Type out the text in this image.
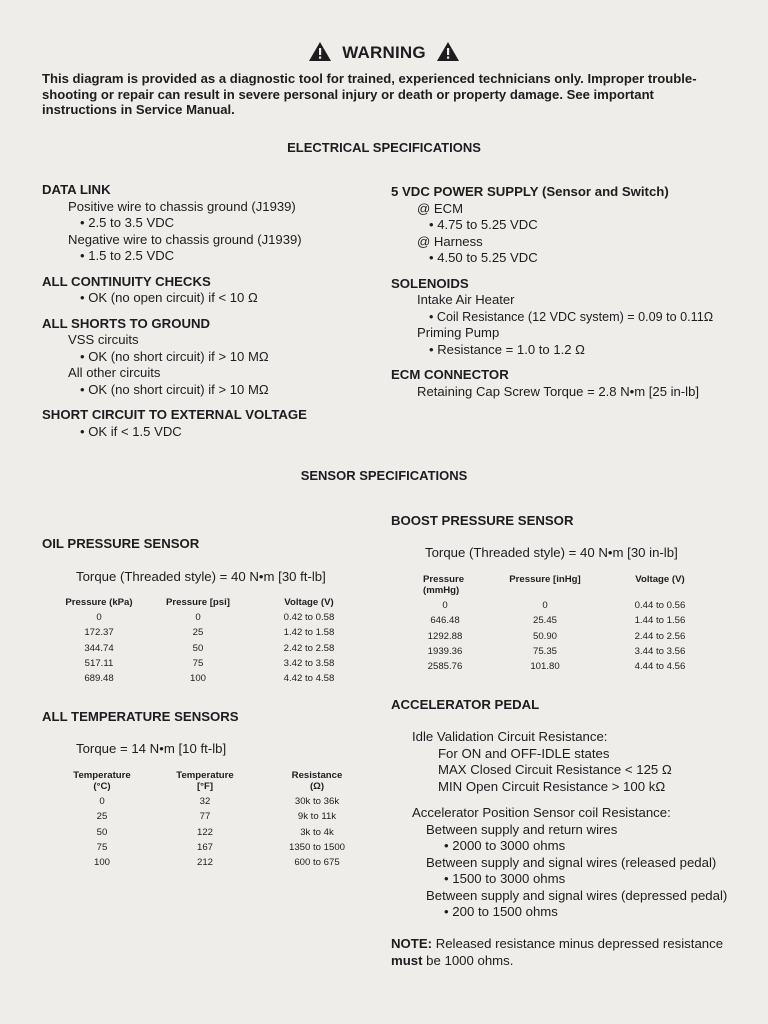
WARNING
This diagram is provided as a diagnostic tool for trained, experienced technicians only. Improper trouble-shooting or repair can result in severe personal injury or death or property damage. See important instructions in Service Manual.
ELECTRICAL SPECIFICATIONS
DATA LINK
Positive wire to chassis ground (J1939)
• 2.5 to 3.5 VDC
Negative wire to chassis ground (J1939)
• 1.5 to 2.5 VDC
ALL CONTINUITY CHECKS
• OK (no open circuit) if < 10 Ω
ALL SHORTS TO GROUND
VSS circuits
• OK (no short circuit) if > 10 MΩ
All other circuits
• OK (no short circuit) if > 10 MΩ
SHORT CIRCUIT TO EXTERNAL VOLTAGE
• OK if < 1.5 VDC
5 VDC POWER SUPPLY (Sensor and Switch)
@ ECM
• 4.75 to 5.25 VDC
@ Harness
• 4.50 to 5.25 VDC
SOLENOIDS
Intake Air Heater
• Coil Resistance (12 VDC system) = 0.09 to 0.11Ω
Priming Pump
• Resistance = 1.0 to 1.2 Ω
ECM CONNECTOR
Retaining Cap Screw Torque = 2.8 N•m [25 in-lb]
SENSOR SPECIFICATIONS
OIL PRESSURE SENSOR
Torque (Threaded style) = 40 N•m [30 ft-lb]
Pressure (kPa)	Pressure [psi]	Voltage (V)
0	0	0.42 to 0.58
172.37	25	1.42 to 1.58
344.74	50	2.42 to 2.58
517.11	75	3.42 to 3.58
689.48	100	4.42 to 4.58
ALL TEMPERATURE SENSORS
Torque = 14 N•m [10 ft-lb]
Temperature
(°C)	Temperature
[°F]	Resistance
(Ω)
0	32	30k to 36k
25	77	9k to 11k
50	122	3k to 4k
75	167	1350 to 1500
100	212	600 to 675
BOOST PRESSURE SENSOR
Torque (Threaded style) = 40 N•m [30 in-lb]
Pressure
(mmHg)	Pressure [inHg]	Voltage (V)
0	0	0.44 to 0.56
646.48	25.45	1.44 to 1.56
1292.88	50.90	2.44 to 2.56
1939.36	75.35	3.44 to 3.56
2585.76	101.80	4.44 to 4.56
ACCELERATOR PEDAL
Idle Validation Circuit Resistance:
For ON and OFF-IDLE states
MAX Closed Circuit Resistance < 125 Ω
MIN Open Circuit Resistance > 100 kΩ
Accelerator Position Sensor coil Resistance:
Between supply and return wires
• 2000 to 3000 ohms
Between supply and signal wires (released pedal)
• 1500 to 3000 ohms
Between supply and signal wires (depressed pedal)
• 200 to 1500 ohms
NOTE: Released resistance minus depressed resistance
must be 1000 ohms.
